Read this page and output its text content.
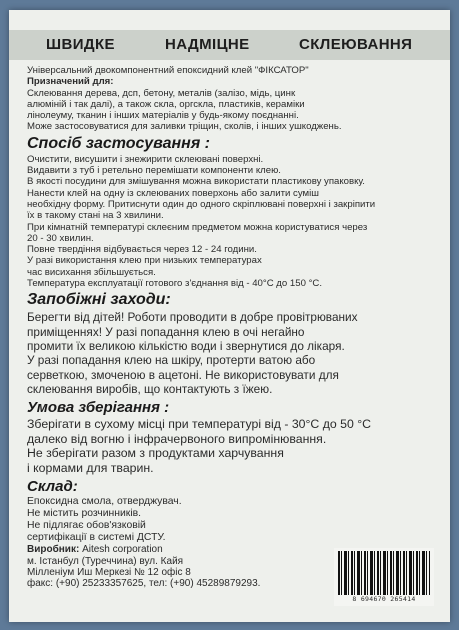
ШВИДКЕ	НАДМІЦНЕ	СКЛЕЮВАННЯ

Універсальний двокомпонентний епоксидний клей "ФІКСАТОР"

Призначений для:

Склеювання дерева, дсп, бетону, металів (залізо, мідь, цинк

алюміній і так далі), а також скла, оргскла, пластиків, кераміки

лінолеуму, тканин і інших матеріалів у будь-якому поєднанні.

Може застосовуватися для заливки тріщин, сколів, і інших ушкоджень.

Спосіб застосування :

Очистити, висушити і знежирити склеювані поверхні.

Видавити з туб і ретельно перемішати компоненти клею.

В якості посудини для змішування можна використати пластикову упаковку.

Нанести клей на одну із склеюваних поверхонь або залити суміш

необхідну форму. Притиснути один до одного скріплювані поверхні і закріпити

їх в такому стані на 3 хвилини.

При кімнатній температурі склеєним предметом можна користуватися через

20 - 30 хвилин.

Повне твердіння відбувається через 12 - 24 години.

У разі використання клею при низьких температурах

час висихання збільшується.

Температура експлуатації готового з'єднання від - 40°С до 150 °С.

Запобіжні заходи:

Берегти від дітей! Роботи проводити в добре провітрюваних

приміщеннях! У разі попадання клею в очі негайно

промити їх великою кількістю води і звернутися до лікаря.

У разі попадання клею на шкіру, протерти ватою або

серветкою, змоченою в ацетоні. Не використовувати для

склеювання виробів, що контактують з їжею.

Умова зберігання :

Зберігати в сухому місці при температурі від - 30°С до 50 °С

далеко від вогню і інфрачервоного випромінювання.

Не зберігати разом з продуктами харчування

і кормами для тварин.

Склад:

Епоксидна смола, отверджувач.

Не містить розчинників.

Не підлягає обов'язковій

сертифікації в системі ДСТУ.

Виробник: Aitesh corporation

м. Істанбул (Туреччина) вул. Кайя

Мілленіум Иш Меркезі № 12 офіс 8

факс: (+90) 25233357625, тел: (+90) 45289879293.

8 694670 265414
